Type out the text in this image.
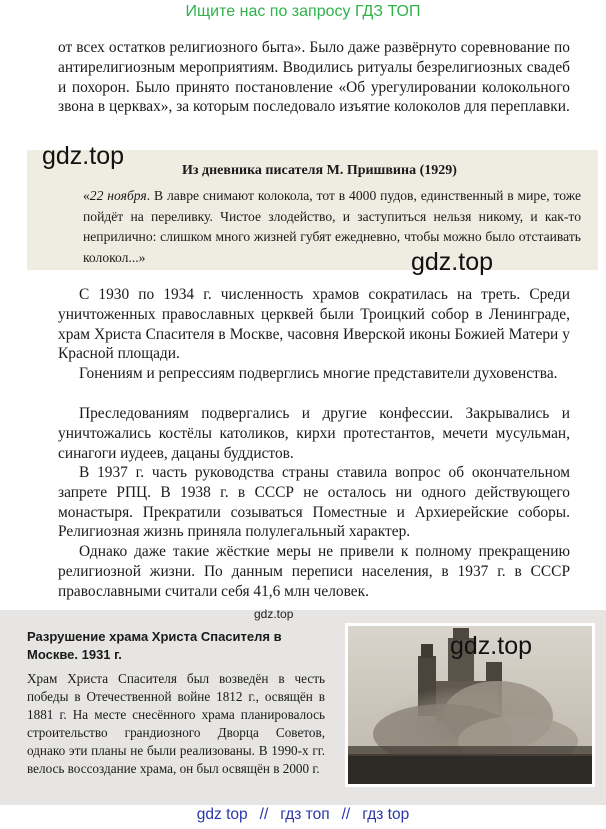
Ищите нас по запросу ГДЗ ТОП

от всех остатков религиозного быта». Было даже развёрнуто соревнование по антирелигиозным мероприятиям. Вводились ритуалы безрелигиозных свадеб и похорон. Было принято постановление «Об урегулировании колокольного звона в церквах», за которым последовало изъятие колоколов для переплавки.

Из дневника писателя М. Пришвина (1929)

«22 ноября. В лавре снимают колокола, тот в 4000 пудов, единственный в мире, тоже пойдёт на переливку. Чистое злодейство, и заступиться нельзя никому, и как-то неприлично: слишком много жизней губят ежедневно, чтобы можно было отстаивать колокол...»

gdz.top
gdz.top

С 1930 по 1934 г. численность храмов сократилась на треть. Среди уничтоженных православных церквей были Троицкий собор в Ленинграде, храм Христа Спасителя в Москве, часовня Иверской иконы Божией Матери у Красной площади.

Гонениям и репрессиям подверглись многие представители духовенства.

Преследованиям подвергались и другие конфессии. Закрывались и уничтожались костёлы католиков, кирхи протестантов, мечети мусульман, синагоги иудеев, дацаны буддистов.

В 1937 г. часть руководства страны ставила вопрос об окончательном запрете РПЦ. В 1938 г. в СССР не осталось ни одного действующего монастыря. Прекратили созываться Поместные и Архиерейские соборы. Религиозная жизнь приняла полулегальный характер.

Однако даже такие жёсткие меры не привели к полному прекращению религиозной жизни. По данным переписи населения, в 1937 г. в СССР православными считали себя 41,6 млн человек.

gdz.top

Разрушение храма Христа Спасителя в Москве. 1931 г.

Храм Христа Спасителя был возведён в честь победы в Отечественной войне 1812 г., освящён в 1881 г. На месте снесённого храма планировалось строительство грандиозного Дворца Советов, однако эти планы не были реализованы. В 1990-х гг. велось воссоздание храма, он был освящён в 2000 г.

gdz.top
gdz top // гдз топ // гдз top
